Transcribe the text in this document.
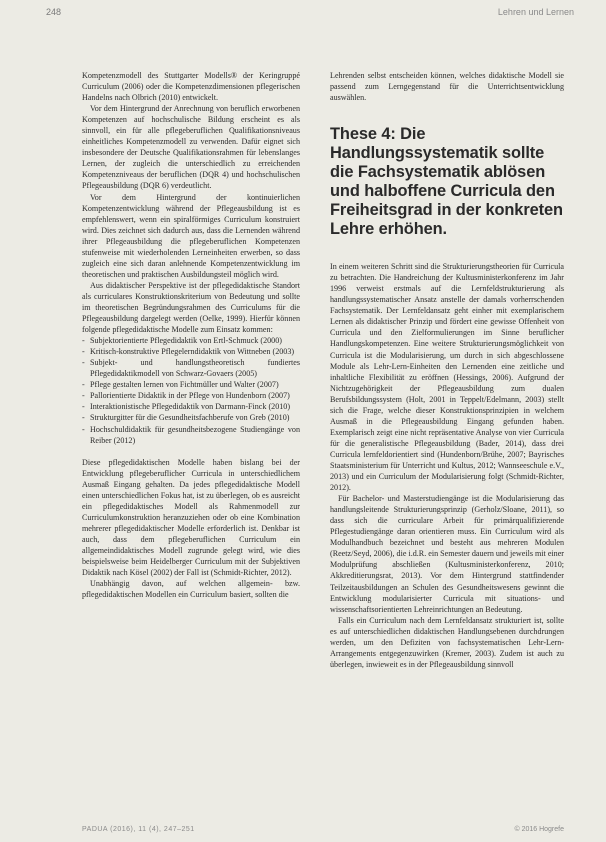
248	Lehren und Lernen

Kompetenzmodell des Stuttgarter Modells® der Keringruppé Curriculum (2006) oder die Kompetenzdimensionen pflegerischen Handelns nach Olbrich (2010) entwickelt.

Vor dem Hintergrund der Anrechnung von beruflich erworbenen Kompetenzen auf hochschulische Bildung erscheint es als sinnvoll, ein für alle pflegeberuflichen Qualifikationsniveaus einheitliches Kompetenzmodell zu verwenden. Dafür eignet sich insbesondere der Deutsche Qualifikationsrahmen für lebenslanges Lernen, der zugleich die unterschiedlich zu erreichenden Kompetenzniveaus der beruflichen (DQR 4) und hochschulischen Pflegeausbildung (DQR 6) verdeutlicht.

Vor dem Hintergrund der kontinuierlichen Kompetenzentwicklung während der Pflegeausbildung ist es empfehlenswert, wenn ein spiralförmiges Curriculum konstruiert wird. Dies zeichnet sich dadurch aus, dass die Lernenden während ihrer Pflegeausbildung die pflegeberuflichen Kompetenzen stufenweise mit wiederholenden Lerneinheiten erwerben, so dass zugleich eine sich daran anlehnende Kompetenzentwicklung im theoretischen und praktischen Ausbildungsteil möglich wird.

Aus didaktischer Perspektive ist der pflegedidaktische Standort als curriculares Konstruktionskriterium von Bedeutung und sollte im theoretischen Begründungsrahmen des Curriculums für die Pflegeausbildung dargelegt werden (Oelke, 1999). Hierfür können folgende pflegedidaktische Modelle zum Einsatz kommen:

- Subjektorientierte Pflegedidaktik von Ertl-Schmuck (2000)
- Kritisch-konstruktive Pflegelerndidaktik von Wittneben (2003)
- Subjekt- und handlungstheoretisch fundiertes Pflegedidaktikmodell von Schwarz-Govaers (2005)
- Pflege gestalten lernen von Fichtmüller und Walter (2007)
- Pallorientierte Didaktik in der Pflege von Hundenborn (2007)
- Interaktionistische Pflegedidaktik von Darmann-Finck (2010)
- Strukturgitter für die Gesundheitsfachberufe von Greb (2010)
- Hochschuldidaktik für gesundheitsbezogene Studiengänge von Reiber (2012)

Diese pflegedidaktischen Modelle haben bislang bei der Entwicklung pflegeberuflicher Curricula in unterschiedlichem Ausmaß Eingang gehalten. Da jedes pflegedidaktische Modell einen unterschiedlichen Fokus hat, ist zu überlegen, ob es ausreicht ein pflegedidaktisches Modell als Rahmenmodell zur Curriculumkonstruktion heranzuziehen oder ob eine Kombination mehrerer pflegedidaktischer Modelle erforderlich ist. Denkbar ist auch, dass dem pflegeberuflichen Curriculum ein allgemeindidaktisches Modell zugrunde gelegt wird, wie dies beispielsweise beim Heidelberger Curriculum mit der Subjektiven Didaktik nach Kösel (2002) der Fall ist (Schmidt-Richter, 2012).

Unabhängig davon, auf welchen allgemein- bzw. pflegedidaktischen Modellen ein Curriculum basiert, sollten die

Lehrenden selbst entscheiden können, welches didaktische Modell sie passend zum Lerngegenstand für die Unterrichtsentwicklung auswählen.

These 4: Die Handlungssystematik sollte die Fachsystematik ablösen und halboffene Curricula den Freiheitsgrad in der konkreten Lehre erhöhen.

In einem weiteren Schritt sind die Strukturierungstheorien für Curricula zu betrachten. Die Handreichung der Kultusministerkonferenz im Jahr 1996 verweist erstmals auf die Lernfeldstrukturierung als handlungssystematischer Ansatz anstelle der damals vorherrschenden Fachsystematik. Der Lernfeldansatz geht einher mit exemplarischem Lernen als didaktischer Prinzip und fördert eine gewisse Offenheit von Curricula und den Zielformulierungen im Sinne beruflicher Handlungskompetenzen. Eine weitere Strukturierungsmöglichkeit von Curricula ist die Modularisierung, um durch in sich abgeschlossene Module als Lehr-Lern-Einheiten den Lernenden eine zeitliche und inhaltliche Flexibilität zu eröffnen (Hessings, 2006). Aufgrund der Nichtzugehörigkeit der Pflegeausbildung zum dualen Berufsbildungssystem (Holt, 2001 in Teppelt/Edelmann, 2003) stellt sich die Frage, welche dieser Konstruktionsprinzipien in welchem Ausmaß in die Pflegeausbildung Eingang gefunden haben. Exemplarisch zeigt eine nicht repräsentative Analyse von vier Curricula für die generalistische Pflegeausbildung (Bader, 2014), dass drei Curricula lernfeldorientiert sind (Hundenborn/Brühe, 2007; Bayrisches Staatsministerium für Unterricht und Kultus, 2012; Wannseeschule e.V., 2013) und ein Curriculum der Modularisierung folgt (Schmidt-Richter, 2012).

Für Bachelor- und Masterstudiengänge ist die Modularisierung das handlungsleitende Strukturierungsprinzip (Gerholz/Sloane, 2011), so dass sich die curriculare Arbeit für primärqualifizierende Pflegestudiengänge daran orientieren muss. Ein Curriculum wird als Modulhandbuch bezeichnet und besteht aus mehreren Modulen (Reetz/Seyd, 2006), die i.d.R. ein Semester dauern und jeweils mit einer Modulprüfung abschließen (Kultusministerkonferenz, 2010; Akkreditierungsrat, 2013). Vor dem Hintergrund stattfindender Teilzeitausbildungen an Schulen des Gesundheitswesens gewinnt die Entwicklung modularisierter Curricula mit situations- und wissenschaftsorientierten Lehreinrichtungen an Bedeutung.

Falls ein Curriculum nach dem Lernfeldansatz strukturiert ist, sollte es auf unterschiedlichen didaktischen Handlungsebenen durchdrungen werden, um den Defiziten von fachsystematischen Lehr-Lern-Arrangements entgegenzuwirken (Kremer, 2003). Zudem ist auch zu überlegen, inwieweit es in der Pflegeausbildung sinnvoll

PADUA (2016), 11 (4), 247–251	© 2016 Hogrefe
